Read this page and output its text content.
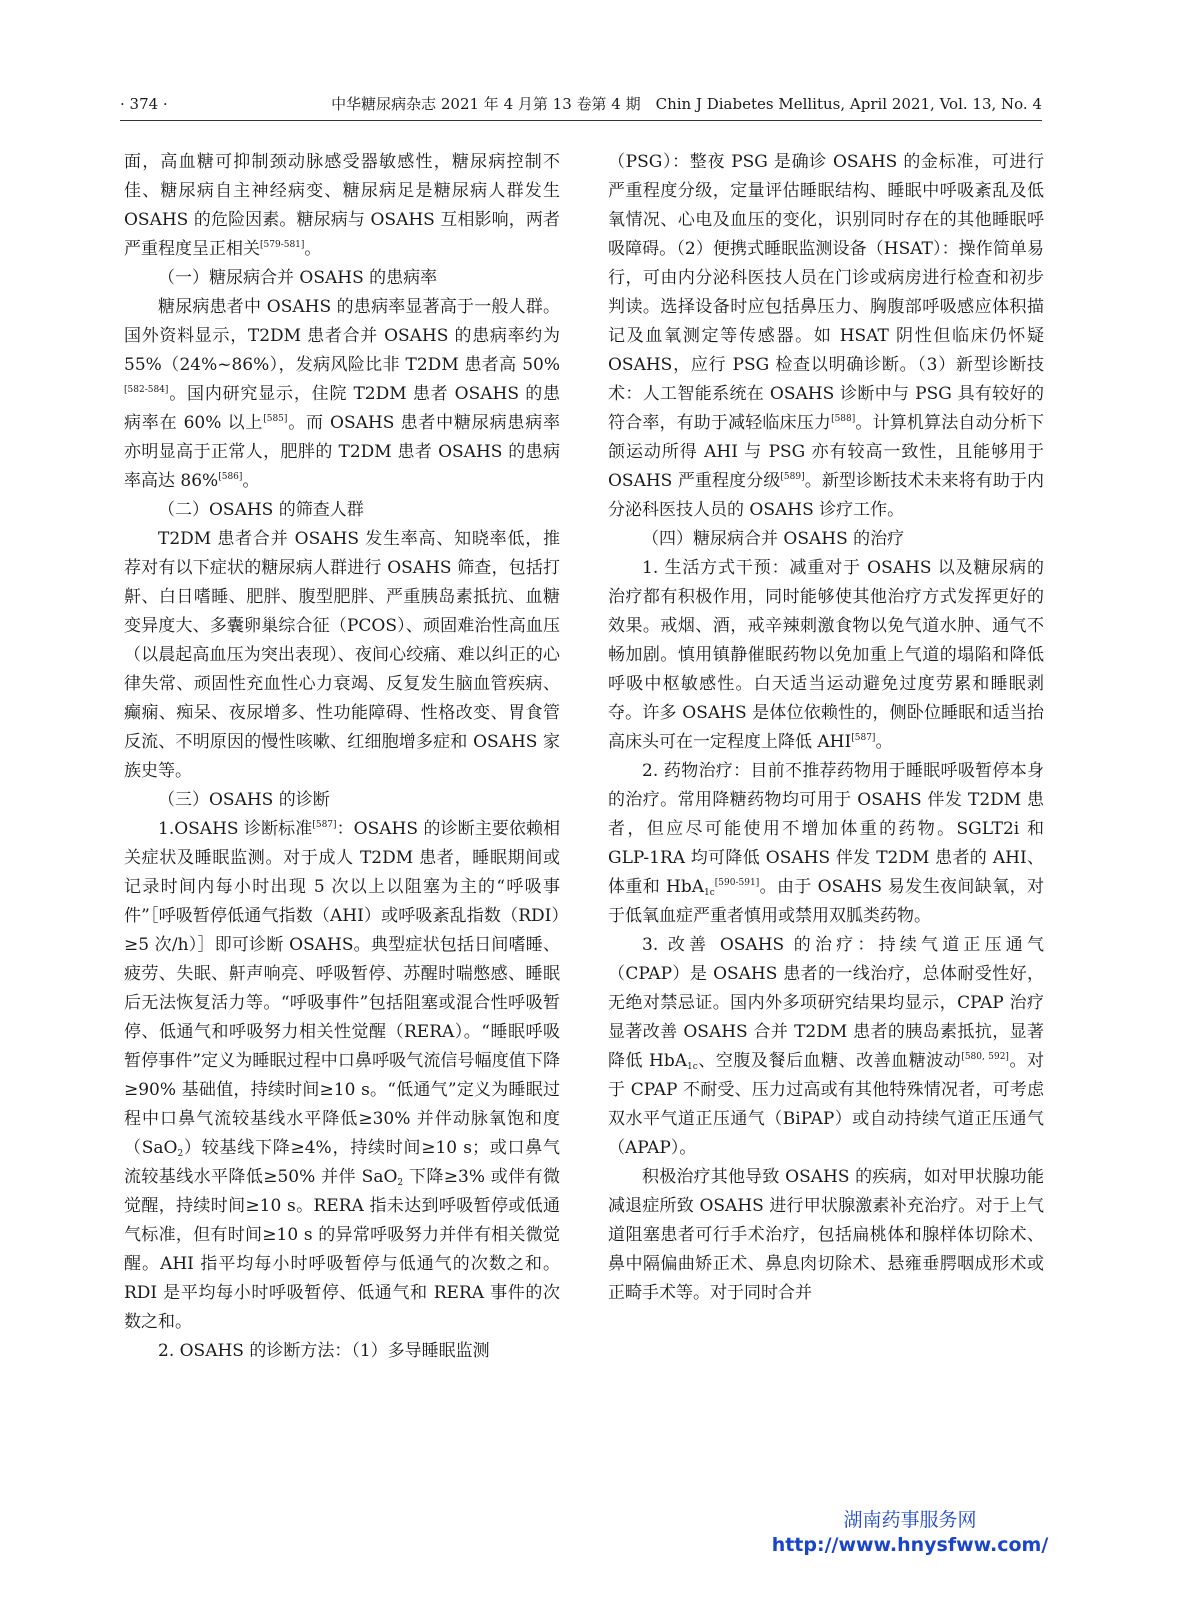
· 374 ·	中华糖尿病杂志 2021 年 4 月第 13 卷第 4 期　Chin J Diabetes Mellitus, April 2021, Vol. 13, No. 4

面，高血糖可抑制颈动脉感受器敏感性，糖尿病控制不佳、糖尿病自主神经病变、糖尿病足是糖尿病人群发生 OSAHS 的危险因素。糖尿病与 OSAHS 互相影响，两者严重程度呈正相关[579-581]。

（一）糖尿病合并 OSAHS 的患病率

糖尿病患者中 OSAHS 的患病率显著高于一般人群。国外资料显示，T2DM 患者合并 OSAHS 的患病率约为 55%（24%~86%），发病风险比非 T2DM 患者高 50%[582-584]。国内研究显示，住院 T2DM 患者 OSAHS 的患病率在 60% 以上[585]。而 OSAHS 患者中糖尿病患病率亦明显高于正常人，肥胖的 T2DM 患者 OSAHS 的患病率高达 86%[586]。

（二）OSAHS 的筛查人群

T2DM 患者合并 OSAHS 发生率高、知晓率低，推荐对有以下症状的糖尿病人群进行 OSAHS 筛查，包括打鼾、白日嗜睡、肥胖、腹型肥胖、严重胰岛素抵抗、血糖变异度大、多囊卵巢综合征（PCOS）、顽固难治性高血压（以晨起高血压为突出表现）、夜间心绞痛、难以纠正的心律失常、顽固性充血性心力衰竭、反复发生脑血管疾病、癫痫、痴呆、夜尿增多、性功能障碍、性格改变、胃食管反流、不明原因的慢性咳嗽、红细胞增多症和 OSAHS 家族史等。

（三）OSAHS 的诊断

1.OSAHS 诊断标准[587]：OSAHS 的诊断主要依赖相关症状及睡眠监测。对于成人 T2DM 患者，睡眠期间或记录时间内每小时出现 5 次以上以阻塞为主的“呼吸事件”［呼吸暂停低通气指数（AHI）或呼吸紊乱指数（RDI）≥5 次/h）］即可诊断 OSAHS。典型症状包括日间嗜睡、疲劳、失眠、鼾声响亮、呼吸暂停、苏醒时喘憋感、睡眠后无法恢复活力等。“呼吸事件”包括阻塞或混合性呼吸暂停、低通气和呼吸努力相关性觉醒（RERA）。“睡眠呼吸暂停事件”定义为睡眠过程中口鼻呼吸气流信号幅度值下降≥90% 基础值，持续时间≥10 s。“低通气”定义为睡眠过程中口鼻气流较基线水平降低≥30% 并伴动脉氧饱和度（SaO$_2$）较基线下降≥4%，持续时间≥10 s；或口鼻气流较基线水平降低≥50% 并伴 SaO$_2$ 下降≥3% 或伴有微觉醒，持续时间≥10 s。RERA 指未达到呼吸暂停或低通气标准，但有时间≥10 s 的异常呼吸努力并伴有相关微觉醒。AHI 指平均每小时呼吸暂停与低通气的次数之和。RDI 是平均每小时呼吸暂停、低通气和 RERA 事件的次数之和。

2. OSAHS 的诊断方法：（1）多导睡眠监测

（PSG）：整夜 PSG 是确诊 OSAHS 的金标准，可进行严重程度分级，定量评估睡眠结构、睡眠中呼吸紊乱及低氧情况、心电及血压的变化，识别同时存在的其他睡眠呼吸障碍。（2）便携式睡眠监测设备（HSAT）：操作简单易行，可由内分泌科医技人员在门诊或病房进行检查和初步判读。选择设备时应包括鼻压力、胸腹部呼吸感应体积描记及血氧测定等传感器。如 HSAT 阴性但临床仍怀疑 OSAHS，应行 PSG 检查以明确诊断。（3）新型诊断技术：人工智能系统在 OSAHS 诊断中与 PSG 具有较好的符合率，有助于减轻临床压力[588]。计算机算法自动分析下颌运动所得 AHI 与 PSG 亦有较高一致性，且能够用于 OSAHS 严重程度分级[589]。新型诊断技术未来将有助于内分泌科医技人员的 OSAHS 诊疗工作。

（四）糖尿病合并 OSAHS 的治疗

1. 生活方式干预：减重对于 OSAHS 以及糖尿病的治疗都有积极作用，同时能够使其他治疗方式发挥更好的效果。戒烟、酒，戒辛辣刺激食物以免气道水肿、通气不畅加剧。慎用镇静催眠药物以免加重上气道的塌陷和降低呼吸中枢敏感性。白天适当运动避免过度劳累和睡眠剥夺。许多 OSAHS 是体位依赖性的，侧卧位睡眠和适当抬高床头可在一定程度上降低 AHI[587]。

2. 药物治疗：目前不推荐药物用于睡眠呼吸暂停本身的治疗。常用降糖药物均可用于 OSAHS 伴发 T2DM 患者，但应尽可能使用不增加体重的药物。SGLT2i 和 GLP-1RA 均可降低 OSAHS 伴发 T2DM 患者的 AHI、体重和 HbA$_{1c}$[590-591]。由于 OSAHS 易发生夜间缺氧，对于低氧血症严重者慎用或禁用双胍类药物。

3. 改善 OSAHS 的治疗：持续气道正压通气（CPAP）是 OSAHS 患者的一线治疗，总体耐受性好，无绝对禁忌证。国内外多项研究结果均显示，CPAP 治疗显著改善 OSAHS 合并 T2DM 患者的胰岛素抵抗，显著降低 HbA$_{1c}$、空腹及餐后血糖、改善血糖波动[580, 592]。对于 CPAP 不耐受、压力过高或有其他特殊情况者，可考虑双水平气道正压通气（BiPAP）或自动持续气道正压通气（APAP）。

积极治疗其他导致 OSAHS 的疾病，如对甲状腺功能减退症所致 OSAHS 进行甲状腺激素补充治疗。对于上气道阻塞患者可行手术治疗，包括扁桃体和腺样体切除术、鼻中隔偏曲矫正术、鼻息肉切除术、悬雍垂腭咽成形术或正畸手术等。对于同时合并

湖南药事服务网
http://www.hnysfww.com/
